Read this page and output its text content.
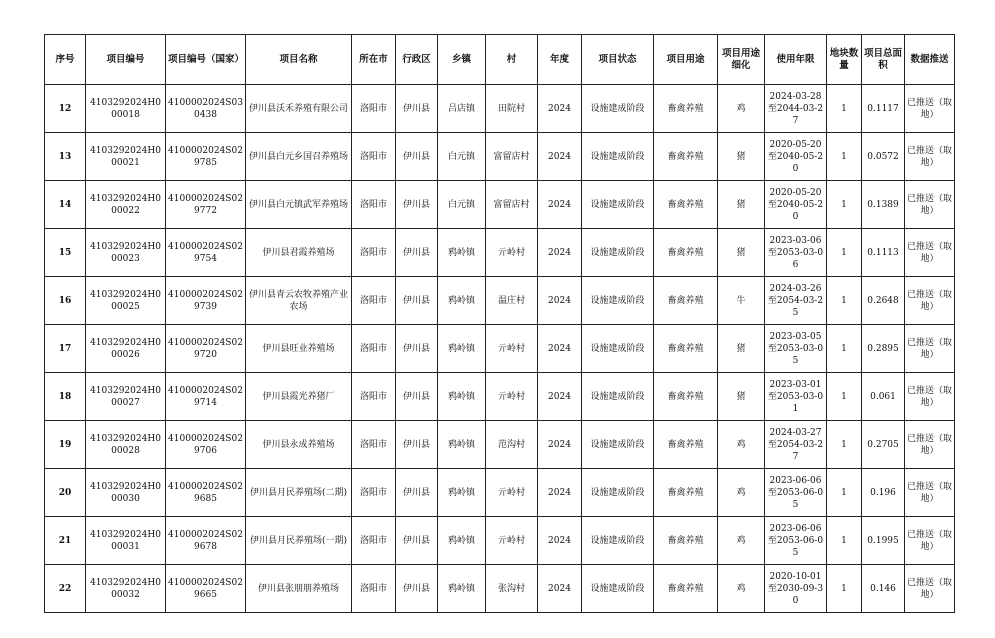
序号	项目编号	项目编号（国家）	项目名称	所在市	行政区	乡镇	村	年度	项目状态	项目用途	项目用途细化	使用年限	地块数量	项目总面积	数据推送
12	4103292024H000018	4100002024S030438	伊川县沃禾养殖有限公司	洛阳市	伊川县	吕店镇	田院村	2024	设施建成阶段	畜禽养殖	鸡	2024-03-28至2044-03-27	1	0.1117	已推送（取地）
13	4103292024H000021	4100002024S029785	伊川县白元乡国召养殖场	洛阳市	伊川县	白元镇	富留店村	2024	设施建成阶段	畜禽养殖	猪	2020-05-20至2040-05-20	1	0.0572	已推送（取地）
14	4103292024H000022	4100002024S029772	伊川县白元镇武军养殖场	洛阳市	伊川县	白元镇	富留店村	2024	设施建成阶段	畜禽养殖	猪	2020-05-20至2040-05-20	1	0.1389	已推送（取地）
15	4103292024H000023	4100002024S029754	伊川县君霞养殖场	洛阳市	伊川县	鸦岭镇	亓岭村	2024	设施建成阶段	畜禽养殖	猪	2023-03-06至2053-03-06	1	0.1113	已推送（取地）
16	4103292024H000025	4100002024S029739	伊川县青云农牧养殖产业农场	洛阳市	伊川县	鸦岭镇	温庄村	2024	设施建成阶段	畜禽养殖	牛	2024-03-26至2054-03-25	1	0.2648	已推送（取地）
17	4103292024H000026	4100002024S029720	伊川县旺业养殖场	洛阳市	伊川县	鸦岭镇	亓岭村	2024	设施建成阶段	畜禽养殖	猪	2023-03-05至2053-03-05	1	0.2895	已推送（取地）
18	4103292024H000027	4100002024S029714	伊川县霞光养猪厂	洛阳市	伊川县	鸦岭镇	亓岭村	2024	设施建成阶段	畜禽养殖	猪	2023-03-01至2053-03-01	1	0.061	已推送（取地）
19	4103292024H000028	4100002024S029706	伊川县永成养殖场	洛阳市	伊川县	鸦岭镇	范沟村	2024	设施建成阶段	畜禽养殖	鸡	2024-03-27至2054-03-27	1	0.2705	已推送（取地）
20	4103292024H000030	4100002024S029685	伊川县月民养殖场(二期)	洛阳市	伊川县	鸦岭镇	亓岭村	2024	设施建成阶段	畜禽养殖	鸡	2023-06-06至2053-06-05	1	0.196	已推送（取地）
21	4103292024H000031	4100002024S029678	伊川县月民养殖场(一期)	洛阳市	伊川县	鸦岭镇	亓岭村	2024	设施建成阶段	畜禽养殖	鸡	2023-06-06至2053-06-05	1	0.1995	已推送（取地）
22	4103292024H000032	4100002024S029665	伊川县张朋朋养殖场	洛阳市	伊川县	鸦岭镇	张沟村	2024	设施建成阶段	畜禽养殖	鸡	2020-10-01至2030-09-30	1	0.146	已推送（取地）
